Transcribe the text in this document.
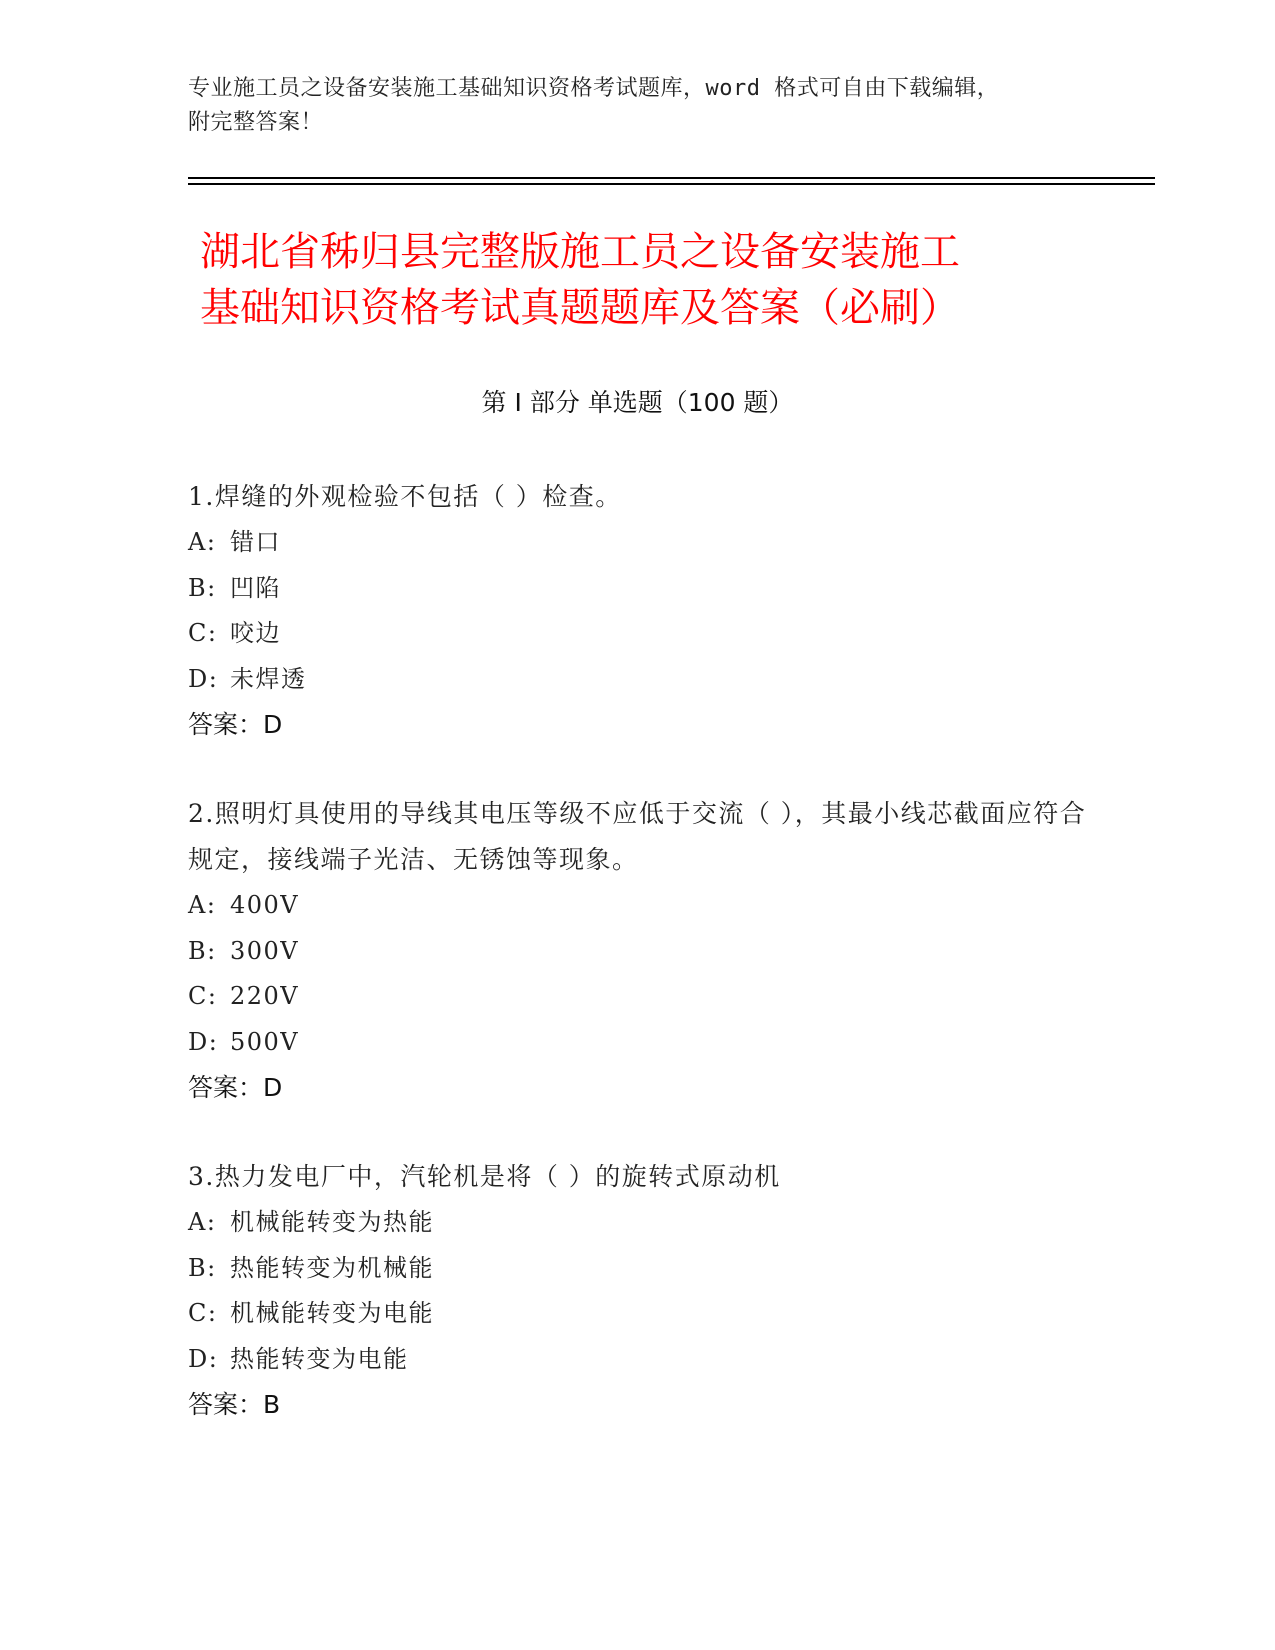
专业施工员之设备安装施工基础知识资格考试题库，word 格式可自由下载编辑，
附完整答案！
湖北省秭归县完整版施工员之设备安装施工
基础知识资格考试真题题库及答案（必刷）
第 I 部分 单选题（100 题）
1.焊缝的外观检验不包括（ ）检查。
A: 错口
B: 凹陷
C: 咬边
D: 未焊透
答案：D
2.照明灯具使用的导线其电压等级不应低于交流（ ），其最小线芯截面应符合规定，接线端子光洁、无锈蚀等现象。
A: 400V
B: 300V
C: 220V
D: 500V
答案：D
3.热力发电厂中，汽轮机是将（ ）的旋转式原动机
A: 机械能转变为热能
B: 热能转变为机械能
C: 机械能转变为电能
D: 热能转变为电能
答案：B
